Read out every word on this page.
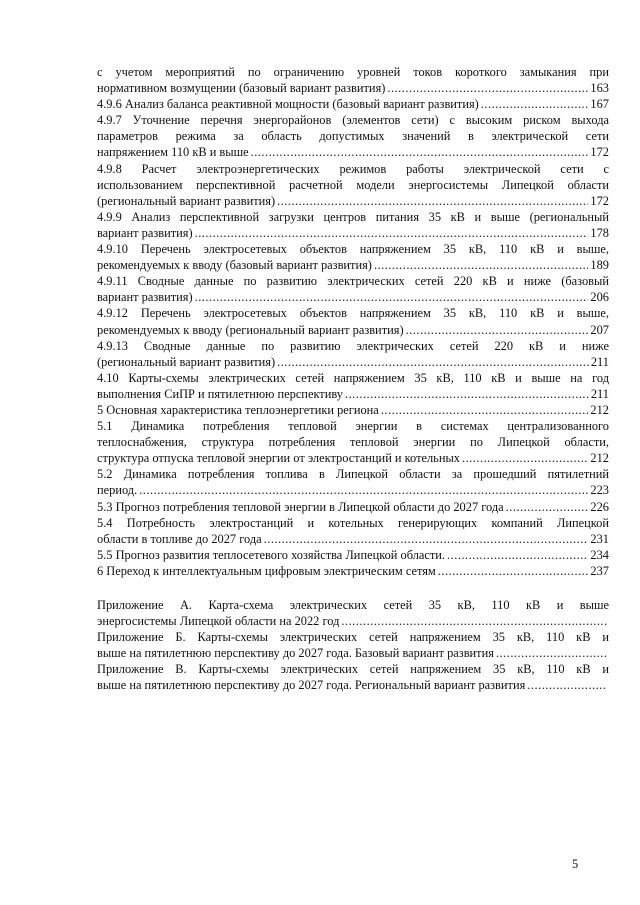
с учетом мероприятий по ограничению уровней токов короткого замыкания при
нормативном возмущении (базовый вариант развития) .....	163
4.9.6 Анализ баланса реактивной мощности (базовый вариант развития) .....	167
4.9.7 Уточнение перечня энергорайонов (элементов сети) с высоким риском выхода
параметров режима за область допустимых значений в электрической сети
напряжением 110 кВ и выше .....	172
4.9.8 Расчет электроэнергетических режимов работы электрической сети с
использованием перспективной расчетной модели энергосистемы Липецкой области
(региональный вариант развития) .....	172
4.9.9 Анализ перспективной загрузки центров питания 35 кВ и выше (региональный
вариант развития) .....	178
4.9.10 Перечень электросетевых объектов напряжением 35 кВ, 110 кВ и выше,
рекомендуемых к вводу (базовый вариант развития) .....	189
4.9.11 Сводные данные по развитию электрических сетей 220 кВ и ниже (базовый
вариант развития) .....	206
4.9.12 Перечень электросетевых объектов напряжением 35 кВ, 110 кВ и выше,
рекомендуемых к вводу (региональный вариант развития) .....	207
4.9.13 Сводные данные по развитию электрических сетей 220 кВ и ниже
(региональный вариант развития) .....	211
4.10 Карты-схемы электрических сетей напряжением 35 кВ, 110 кВ и выше на год
выполнения СиПР и пятилетнюю перспективу .....	211
5 Основная характеристика теплоэнергетики региона .....	212
5.1 Динамика потребления тепловой энергии в системах централизованного
теплоснабжения, структура потребления тепловой энергии по Липецкой области,
структура отпуска тепловой энергии от электростанций и котельных .....	212
5.2 Динамика потребления топлива в Липецкой области за прошедший пятилетний
период. .....	223
5.3 Прогноз потребления тепловой энергии в Липецкой области до 2027 года .....	226
5.4 Потребность электростанций и котельных генерирующих компаний Липецкой
области в топливе до 2027 года .....	231
5.5 Прогноз развития теплосетевого хозяйства Липецкой области. .....	234
6 Переход к интеллектуальным цифровым электрическим сетям .....	237
Приложение А. Карта-схема электрических сетей 35 кВ, 110 кВ и выше
энергосистемы Липецкой области на 2022 год
.....
Приложение Б. Карты-схемы электрических сетей напряжением 35 кВ, 110 кВ и
выше на пятилетнюю перспективу до 2027 года. Базовый вариант развития
.....
Приложение В. Карты-схемы электрических сетей напряжением 35 кВ, 110 кВ и
выше на пятилетнюю перспективу до 2027 года. Региональный вариант развития
.....
5
